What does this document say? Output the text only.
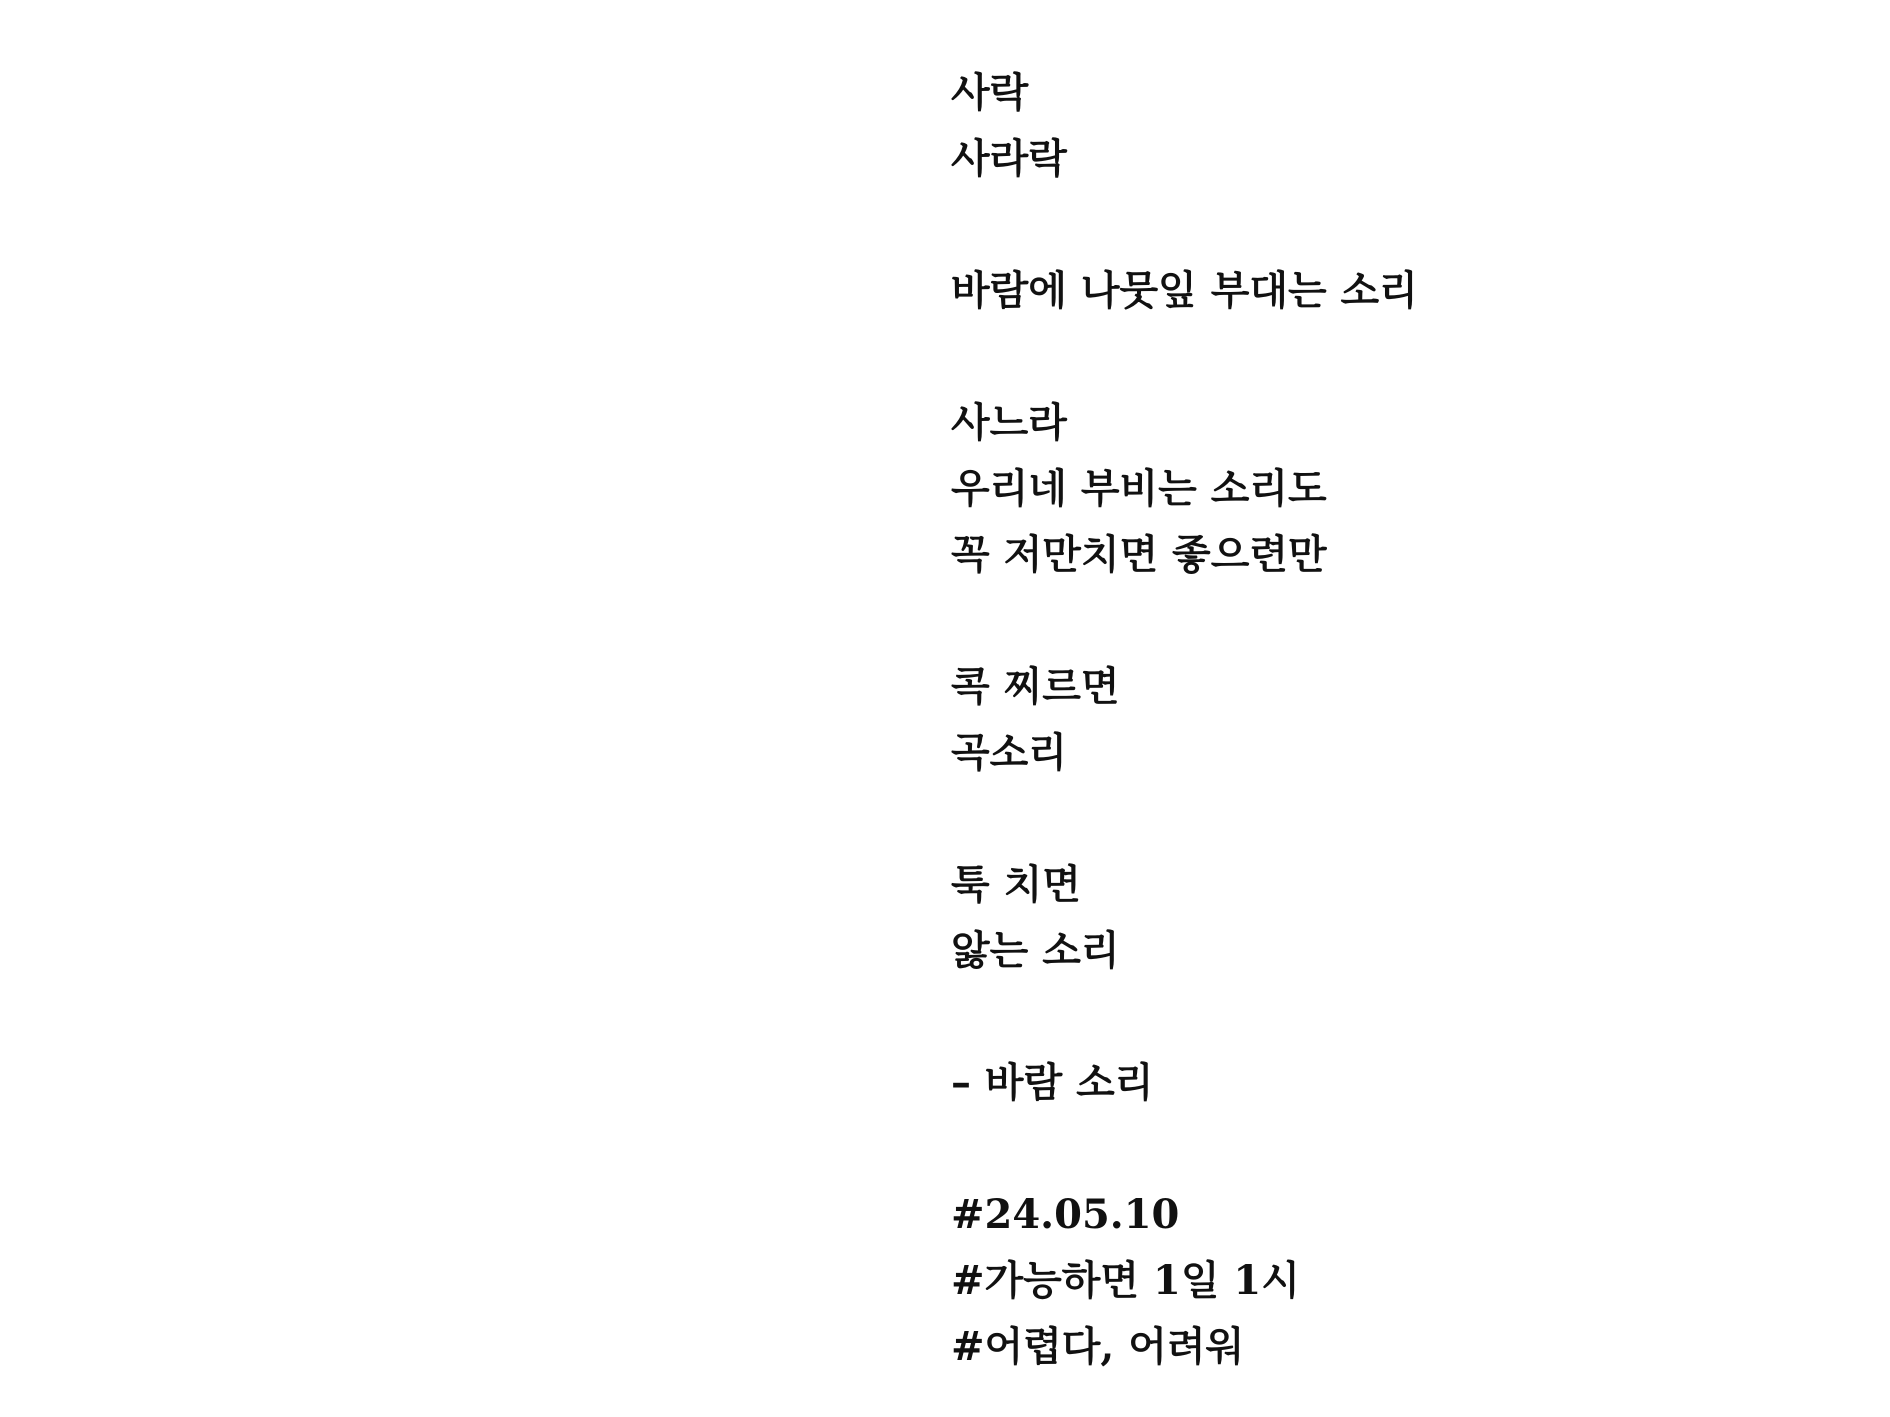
사락
사라락
바람에 나뭇잎 부대는 소리
사느라
우리네 부비는 소리도
꼭 저만치면 좋으련만
콕 찌르면
곡소리
툭 치면
앓는 소리
– 바람 소리
#24.05.10
#가능하면 1일 1시
#어렵다, 어려워
